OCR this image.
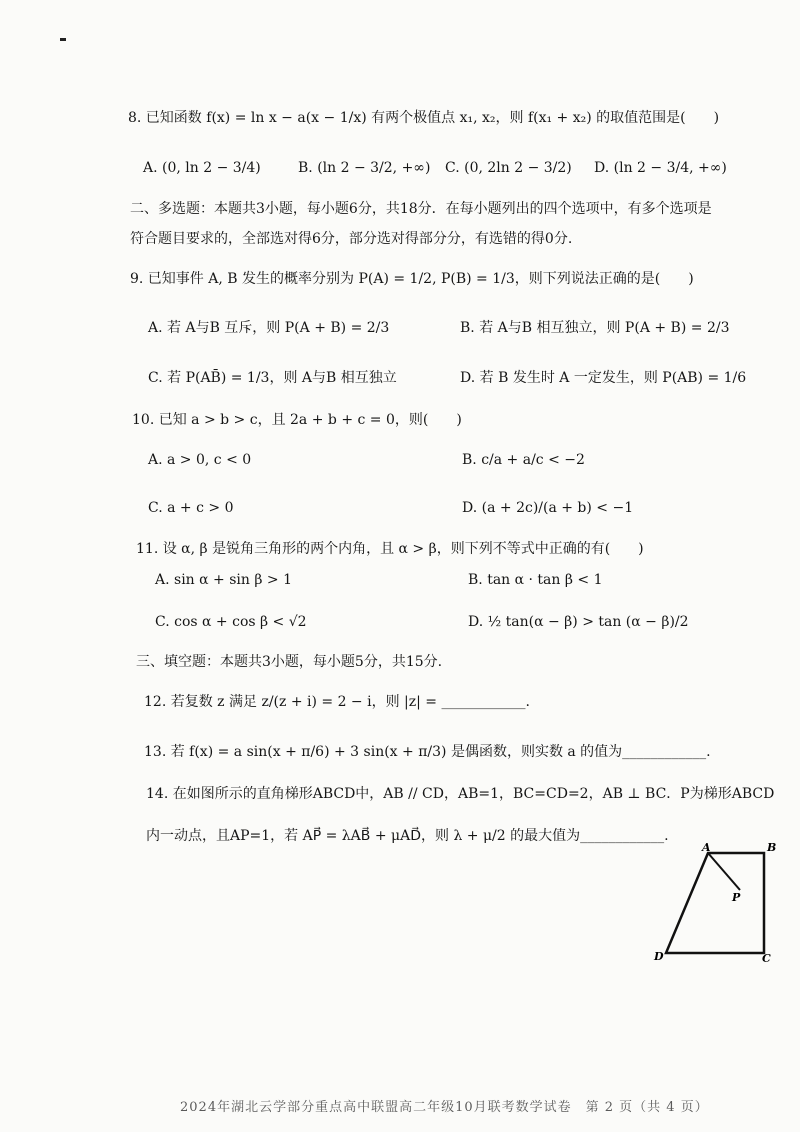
8. 已知函数 f(x) = ln x − a(x − 1/x) 有两个极值点 x₁, x₂，则 f(x₁ + x₂) 的取值范围是(　　)
A. (0, ln 2 − 3/4)	B. (ln 2 − 3/2, +∞) C. (0, 2ln 2 − 3/2) D. (ln 2 − 3/4, +∞)
二、多选题：本题共3小题，每小题6分，共18分．在每小题列出的四个选项中，有多个选项是
符合题目要求的，全部选对得6分，部分选对得部分分，有选错的得0分.
9. 已知事件 A, B 发生的概率分别为 P(A) = 1/2, P(B) = 1/3，则下列说法正确的是(　　)
A. 若 A与B 互斥，则 P(A + B) = 2/3	B. 若 A与B 相互独立，则 P(A + B) = 2/3
C. 若 P(AB̄) = 1/3，则 A与B 相互独立	D. 若 B 发生时 A 一定发生，则 P(AB) = 1/6
10. 已知 a > b > c，且 2a + b + c = 0，则(　　)
A. a > 0, c < 0	B. c/a + a/c < −2
C. a + c > 0	D. (a + 2c)/(a + b) < −1
11. 设 α, β 是锐角三角形的两个内角，且 α > β，则下列不等式中正确的有(　　)
A. sin α + sin β > 1	B. tan α · tan β < 1
C. cos α + cos β < √2	D. ½ tan(α − β) > tan (α − β)/2
三、填空题：本题共3小题，每小题5分，共15分.
12. 若复数 z 满足 z/(z + i) = 2 − i，则 |z| = ____________.
13. 若 f(x) = a sin(x + π/6) + 3 sin(x + π/3) 是偶函数，则实数 a 的值为____________.
14. 在如图所示的直角梯形ABCD中，AB // CD，AB=1，BC=CD=2，AB ⊥ BC．P为梯形ABCD
内一动点，且AP=1，若 AP⃗ = λAB⃗ + μAD⃗，则 λ + μ/2 的最大值为____________.
A	B
P
D	C
2024年湖北云学部分重点高中联盟高二年级10月联考数学试卷　第 2 页（共 4 页）
